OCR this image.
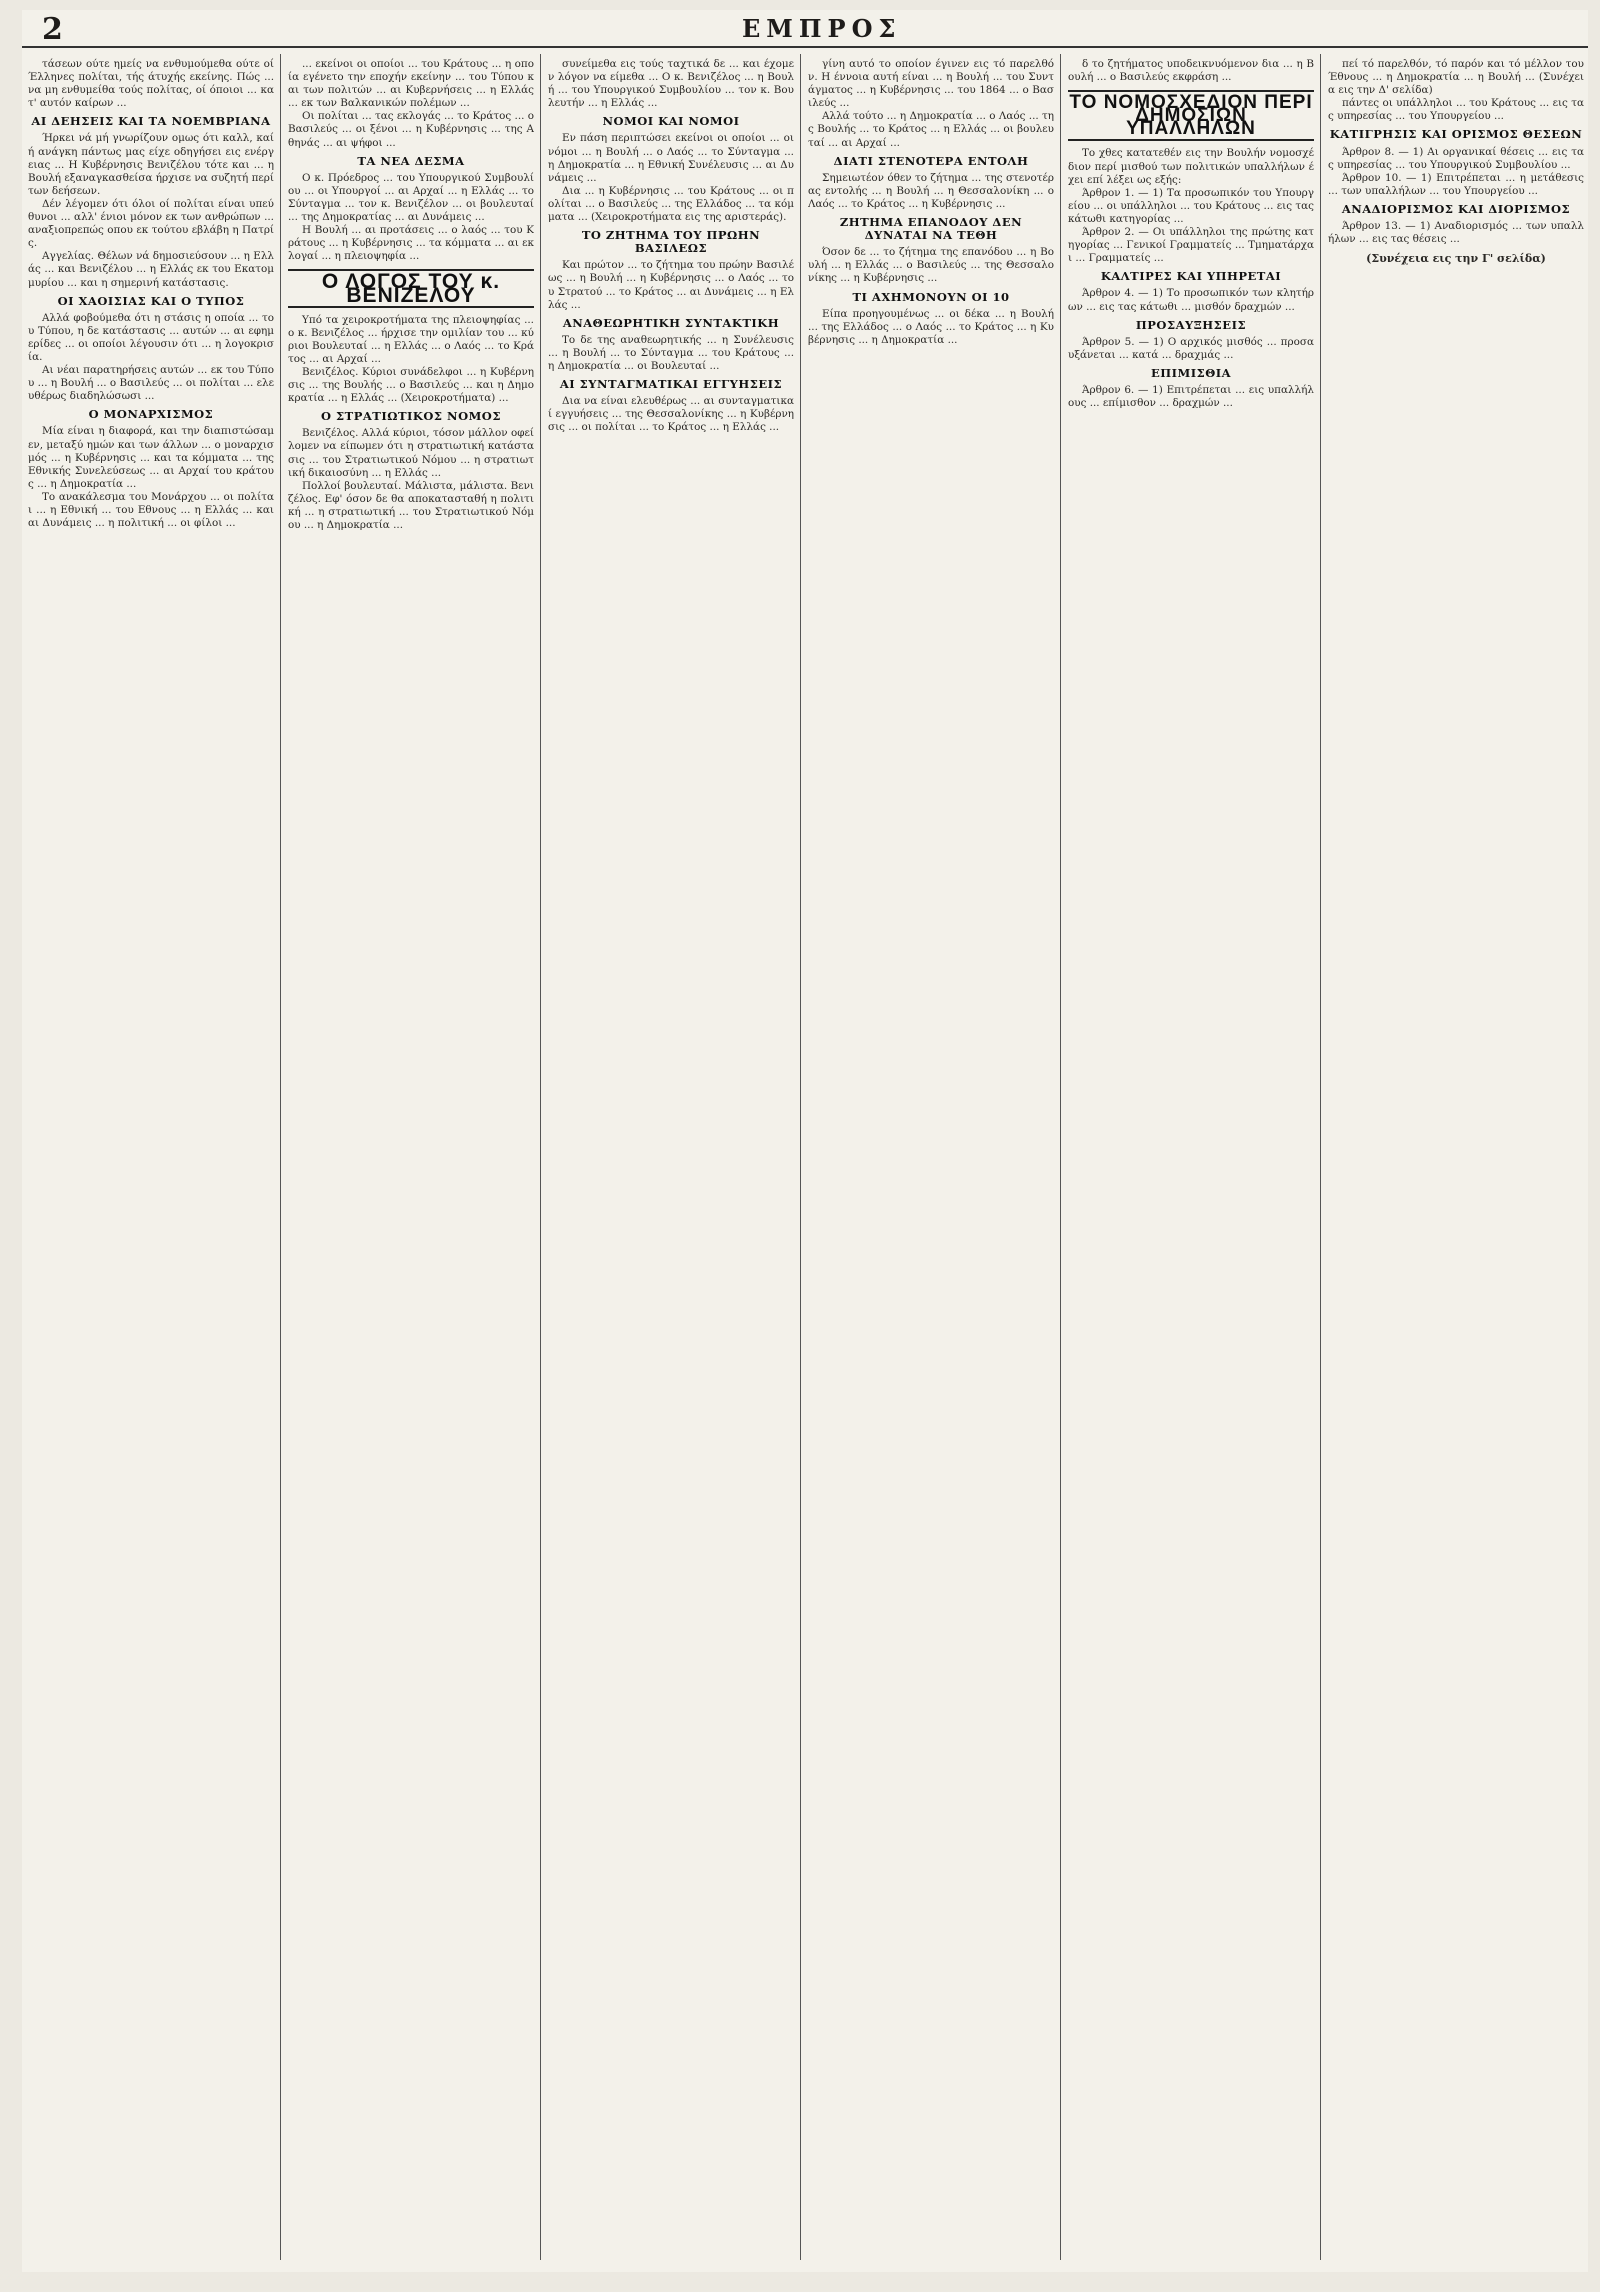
2	ΕΜΠΡΟΣ

τάσεων ούτε ημείς να ενθυμούμεθα ούτε οί Έλληνες πολίται, τής άτυχής εκείνης. Πώς ... να μη ενθυμείθα τούς πολίτας, οί όποιοι ... κατ' αυτόν καίρων ...

ΑΙ ΔΕΗΣΕΙΣ ΚΑΙ ΤΑ ΝΟΕΜΒΡΙΑΝΑ

Ήρκει νά μή γνωρίζουν ομως ότι καλλ, καί ή ανάγκη πάντως μας είχε οδηγήσει εις ενέργειας ... Η Κυβέρνησις Βενιζέλου τότε και ... η Βουλή εξαναγκασθείσα ήρχισε να συζητή περί των δεήσεων.

Δέν λέγομεν ότι όλοι οί πολίται είναι υπεύθυνοι ... αλλ' ένιοι μόνον εκ των ανθρώπων ... αναξιοπρεπώς οπου εκ τούτου εβλάβη η Πατρίς.

Αγγελίας. Θέλων νά δημοσιεύσουν ... η Ελλάς ... και Βενιζέλου ... η Ελλάς εκ του Εκατομμυρίου ... και η σημερινή κατάστασις.

ΟΙ ΧΑΟΙΣΙΑΣ ΚΑΙ Ο ΤΥΠΟΣ

Αλλά φοβούμεθα ότι η στάσις η οποία ... του Τύπου, η δε κατάστασις ... αυτών ... αι εφημερίδες ... οι οποίοι λέγουσιν ότι ... η λογοκρισία.

Αι νέαι παρατηρήσεις αυτών ... εκ του Τύπου ... η Βουλή ... ο Βασιλεύς ... οι πολίται ... ελευθέρως διαδηλώσωσι ...

Ο ΜΟΝΑΡΧΙΣΜΟΣ

Μία είναι η διαφορά, και την διαπιστώσαμεν, μεταξύ ημών και των άλλων ... ο μοναρχισμός ... η Κυβέρνησις ... και τα κόμματα ... της Εθνικής Συνελεύσεως ... αι Αρχαί του κράτους ... η Δημοκρατία ...

Το ανακάλεσμα του Μονάρχου ... οι πολίται ... η Εθνική ... του Εθνους ... η Ελλάς ... και αι Δυνάμεις ... η πολιτική ... οι φίλοι ...

... εκείνοι οι οποίοι ... του Κράτους ... η οποία εγένετο την εποχήν εκείνην ... του Τύπου και των πολιτών ... αι Κυβερνήσεις ... η Ελλάς ... εκ των Βαλκανικών πολέμων ...

Οι πολίται ... τας εκλογάς ... το Κράτος ... ο Βασιλεύς ... οι ξένοι ... η Κυβέρνησις ... της Αθηνάς ... αι ψήφοι ...

ΤΑ ΝΕΑ ΔΕΣΜΑ

Ο κ. Πρόεδρος ... του Υπουργικού Συμβουλίου ... οι Υπουργοί ... αι Αρχαί ... η Ελλάς ... το Σύνταγμα ... τον κ. Βενιζέλον ... οι βουλευταί ... της Δημοκρατίας ... αι Δυνάμεις ...

Η Βουλή ... αι προτάσεις ... ο λαός ... του Κράτους ... η Κυβέρνησις ... τα κόμματα ... αι εκλογαί ... η πλειοψηφία ...

Ο ΛΟΓΟΣ ΤΟΥ κ. ΒΕΝΙΖΕΛΟΥ

Υπό τα χειροκροτήματα της πλειοψηφίας ... ο κ. Βενιζέλος ... ήρχισε την ομιλίαν του ... κύριοι Βουλευταί ... η Ελλάς ... ο Λαός ... το Κράτος ... αι Αρχαί ...

Βενιζέλος. Κύριοι συνάδελφοι ... η Κυβέρνησις ... της Βουλής ... ο Βασιλεύς ... και η Δημοκρατία ... η Ελλάς ... (Χειροκροτήματα) ...

Ο ΣΤΡΑΤΙΩΤΙΚΟΣ ΝΟΜΟΣ

Βενιζέλος. Αλλά κύριοι, τόσον μάλλον οφείλομεν να είπωμεν ότι η στρατιωτική κατάστασις ... του Στρατιωτικού Νόμου ... η στρατιωτική δικαιοσύνη ... η Ελλάς ...

Πολλοί βουλευταί. Μάλιστα, μάλιστα. Βενιζέλος. Εφ' όσον δε θα αποκατασταθή η πολιτική ... η στρατιωτική ... του Στρατιωτικού Νόμου ... η Δημοκρατία ...

συνείμεθα εις τούς ταχτικά δε ... και έχομεν λόγον να είμεθα ... Ο κ. Βενιζέλος ... η Βουλή ... του Υπουργικού Συμβουλίου ... τον κ. Βουλευτήν ... η Ελλάς ...

ΝΟΜΟΙ ΚΑΙ ΝΟΜΟΙ

Εν πάση περιπτώσει εκείνοι οι οποίοι ... οι νόμοι ... η Βουλή ... ο Λαός ... το Σύνταγμα ... η Δημοκρατία ... η Εθνική Συνέλευσις ... αι Δυνάμεις ...

Δια ... η Κυβέρνησις ... του Κράτους ... οι πολίται ... ο Βασιλεύς ... της Ελλάδος ... τα κόμματα ... (Χειροκροτήματα εις της αριστεράς).

ΤΟ ΖΗΤΗΜΑ ΤΟΥ ΠΡΩΗΝ ΒΑΣΙΛΕΩΣ

Και πρώτον ... το ζήτημα του πρώην Βασιλέως ... η Βουλή ... η Κυβέρνησις ... ο Λαός ... του Στρατού ... το Κράτος ... αι Δυνάμεις ... η Ελλάς ...

ΑΝΑΘΕΩΡΗΤΙΚΗ ΣΥΝΤΑΚΤΙΚΗ

Το δε της αναθεωρητικής ... η Συνέλευσις ... η Βουλή ... το Σύνταγμα ... του Κράτους ... η Δημοκρατία ... οι Βουλευταί ...

ΑΙ ΣΥΝΤΑΓΜΑΤΙΚΑΙ ΕΓΓΥΗΣΕΙΣ

Δια να είναι ελευθέρως ... αι συνταγματικαί εγγυήσεις ... της Θεσσαλονίκης ... η Κυβέρνησις ... οι πολίται ... το Κράτος ... η Ελλάς ...

γίνη αυτό το οποίον έγινεν εις τό παρελθόν. Η έννοια αυτή είναι ... η Βουλή ... του Συντάγματος ... η Κυβέρνησις ... του 1864 ... ο Βασιλεύς ...

Αλλά τούτο ... η Δημοκρατία ... ο Λαός ... της Βουλής ... το Κράτος ... η Ελλάς ... οι βουλευταί ... αι Αρχαί ...

ΔΙΑΤΙ ΣΤΕΝΟΤΕΡΑ ΕΝΤΟΛΗ

Σημειωτέον όθεν το ζήτημα ... της στενοτέρας εντολής ... η Βουλή ... η Θεσσαλονίκη ... ο Λαός ... το Κράτος ... η Κυβέρνησις ...

ΖΗΤΗΜΑ ΕΠΑΝΟΔΟΥ ΔΕΝ ΔΥΝΑΤΑΙ ΝΑ ΤΕΘΗ

Όσον δε ... το ζήτημα της επανόδου ... η Βουλή ... η Ελλάς ... ο Βασιλεύς ... της Θεσσαλονίκης ... η Κυβέρνησις ...

ΤΙ ΑΧΗΜΟΝΟΥΝ ΟΙ 10

Είπα προηγουμένως ... οι δέκα ... η Βουλή ... της Ελλάδος ... ο Λαός ... το Κράτος ... η Κυβέρνησις ... η Δημοκρατία ...

δ το ζητήματος υποδεικνυόμενον δια ... η Βουλή ... ο Βασιλεύς εκφράση ...

ΤΟ ΝΟΜΟΣΧΕΔΙΟΝ ΠΕΡΙ ΔΗΜΟΣΙΩΝ ΥΠΑΛΛΗΛΩΝ

Το χθες κατατεθέν εις την Βουλήν νομοσχέδιον περί μισθού των πολιτικών υπαλλήλων έχει επί λέξει ως εξής:

Άρθρον 1. — 1) Τα προσωπικόν του Υπουργείου ... οι υπάλληλοι ... του Κράτους ... εις τας κάτωθι κατηγορίας ...

Άρθρον 2. — Οι υπάλληλοι της πρώτης κατηγορίας ... Γενικοί Γραμματείς ... Τμηματάρχαι ... Γραμματείς ...

ΚΑΛΤΙΡΕΣ ΚΑΙ ΥΠΗΡΕΤΑΙ

Άρθρον 4. — 1) Το προσωπικόν των κλητήρων ... εις τας κάτωθι ... μισθόν δραχμών ...

ΠΡΟΣΑΥΞΗΣΕΙΣ

Άρθρον 5. — 1) Ο αρχικός μισθός ... προσαυξάνεται ... κατά ... δραχμάς ...

ΕΠΙΜΙΣΘΙΑ

Άρθρον 6. — 1) Επιτρέπεται ... εις υπαλλήλους ... επίμισθον ... δραχμών ...

πεί τό παρελθόν, τό παρόν και τό μέλλον του Έθνους ... η Δημοκρατία ... η Βουλή ... (Συνέχεια εις την Δ' σελίδα)

πάντες οι υπάλληλοι ... του Κράτους ... εις τας υπηρεσίας ... του Υπουργείου ...

ΚΑΤΙΓΡΗΣΙΣ ΚΑΙ ΟΡΙΣΜΟΣ ΘΕΣΕΩΝ

Άρθρον 8. — 1) Αι οργανικαί θέσεις ... εις τας υπηρεσίας ... του Υπουργικού Συμβουλίου ...

Άρθρον 10. — 1) Επιτρέπεται ... η μετάθεσις ... των υπαλλήλων ... του Υπουργείου ...

ΑΝΑΔΙΟΡΙΣΜΟΣ ΚΑΙ ΔΙΟΡΙΣΜΟΣ

Άρθρον 13. — 1) Αναδιορισμός ... των υπαλλήλων ... εις τας θέσεις ...

(Συνέχεια εις την Γ' σελίδα)
